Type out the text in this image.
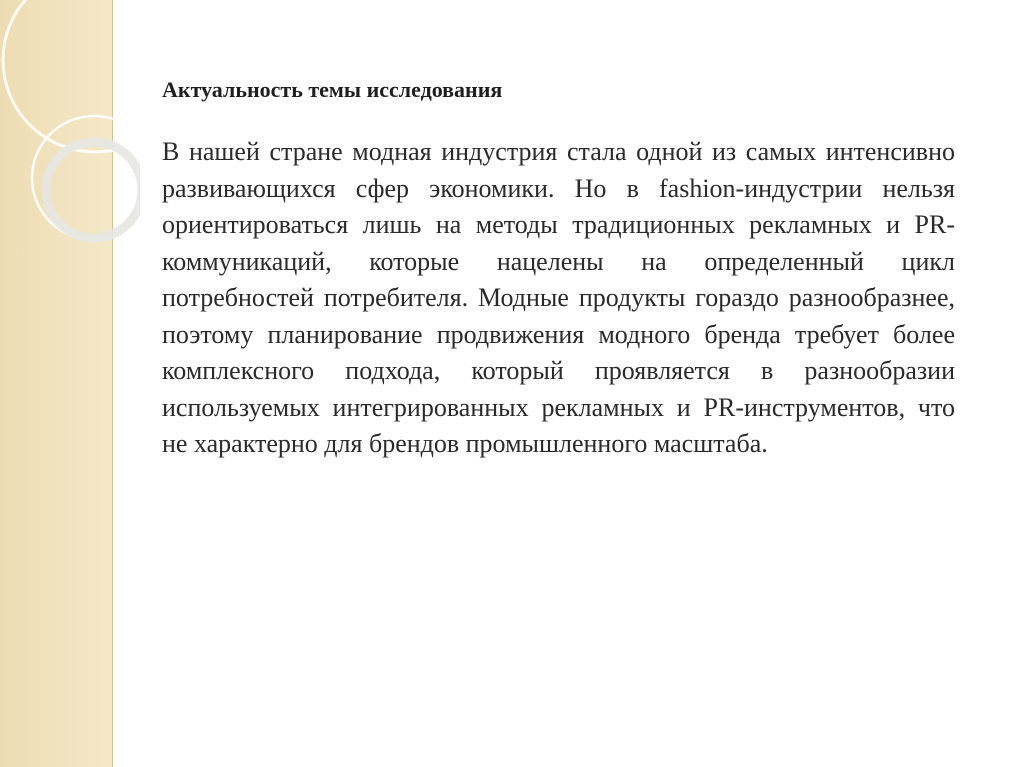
Актуальность темы исследования

В нашей стране модная индустрия стала одной из самых интенсивно развивающихся сфер экономики. Но в fashion-индустрии нельзя ориентироваться лишь на методы традиционных рекламных и PR-коммуникаций, которые нацелены на определенный цикл потребностей потребителя. Модные продукты гораздо разнообразнее, поэтому планирование продвижения модного бренда требует более комплексного подхода, который проявляется в разнообразии используемых интегрированных рекламных и PR-инструментов, что не характерно для брендов промышленного масштаба.
